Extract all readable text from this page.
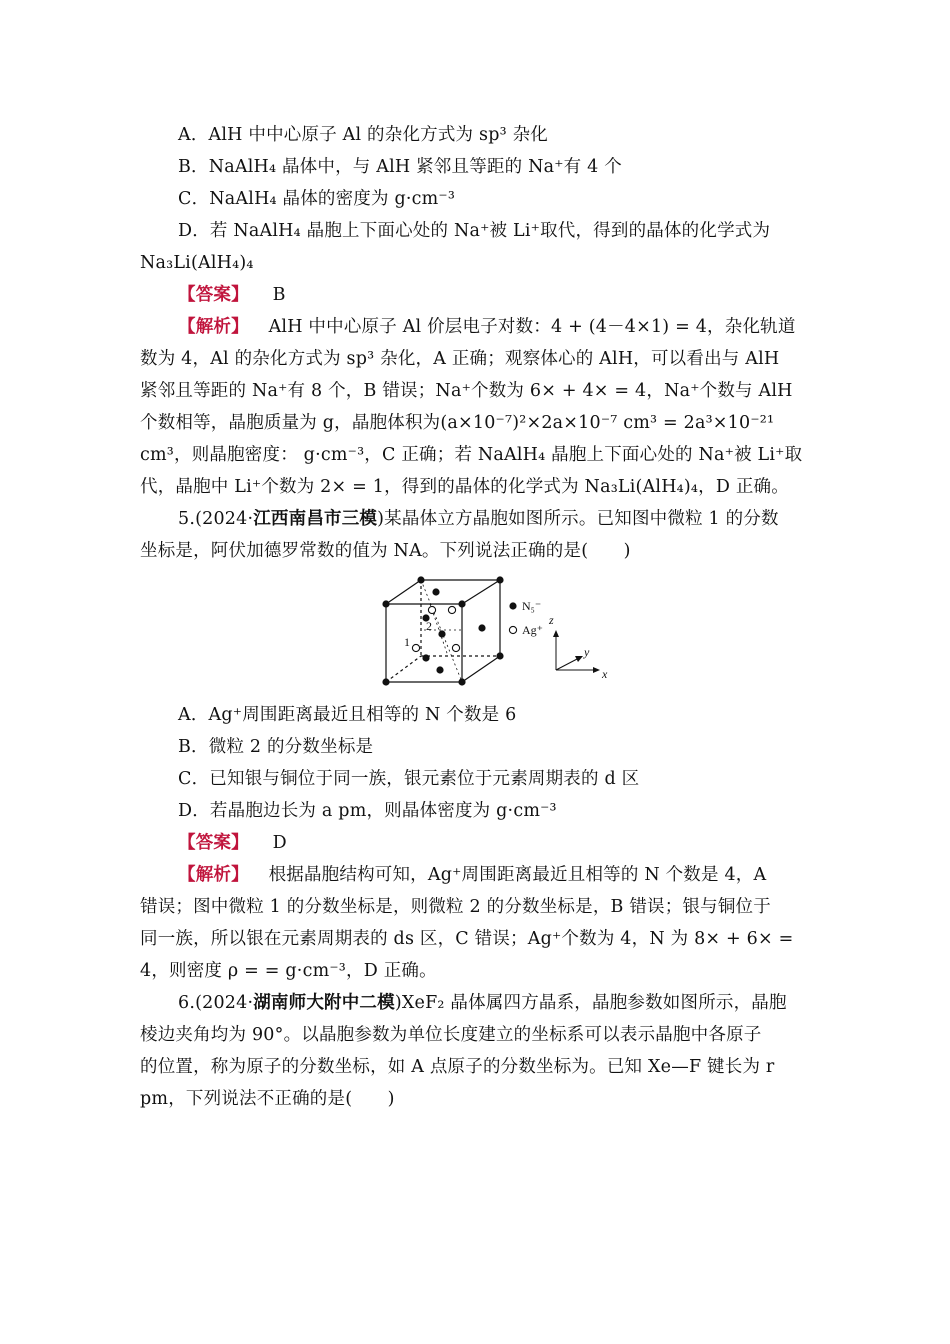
A．AlH 中中心原子 Al 的杂化方式为 sp³ 杂化
B．NaAlH₄ 晶体中，与 AlH 紧邻且等距的 Na⁺有 4 个
C．NaAlH₄ 晶体的密度为 g·cm⁻³
D．若 NaAlH₄ 晶胞上下面心处的 Na⁺被 Li⁺取代，得到的晶体的化学式为
Na₃Li(AlH₄)₄
【答案】 B
【解析】 AlH 中中心原子 Al 价层电子对数：4 + (4－4×1) = 4，杂化轨道
数为 4，Al 的杂化方式为 sp³ 杂化，A 正确；观察体心的 AlH，可以看出与 AlH
紧邻且等距的 Na⁺有 8 个，B 错误；Na⁺个数为 6× + 4× = 4，Na⁺个数与 AlH
个数相等，晶胞质量为 g，晶胞体积为(a×10⁻⁷)²×2a×10⁻⁷ cm³ = 2a³×10⁻²¹
cm³，则晶胞密度： g·cm⁻³，C 正确；若 NaAlH₄ 晶胞上下面心处的 Na⁺被 Li⁺取
代，晶胞中 Li⁺个数为 2× = 1，得到的晶体的化学式为 Na₃Li(AlH₄)₄，D 正确。
5.(2024·江西南昌市三模)某晶体立方晶胞如图所示。已知图中微粒 1 的分数
坐标是，阿伏加德罗常数的值为 NA。下列说法正确的是(　　)
2
1
N₅⁻
Ag⁺
z
y
x
A．Ag⁺周围距离最近且相等的 N 个数是 6
B．微粒 2 的分数坐标是
C．已知银与铜位于同一族，银元素位于元素周期表的 d 区
D．若晶胞边长为 a pm，则晶体密度为 g·cm⁻³
【答案】 D
【解析】 根据晶胞结构可知，Ag⁺周围距离最近且相等的 N 个数是 4，A
错误；图中微粒 1 的分数坐标是，则微粒 2 的分数坐标是，B 错误；银与铜位于
同一族，所以银在元素周期表的 ds 区，C 错误；Ag⁺个数为 4，N 为 8× + 6× =
4，则密度 ρ = = g·cm⁻³，D 正确。
6.(2024·湖南师大附中二模)XeF₂ 晶体属四方晶系，晶胞参数如图所示，晶胞
棱边夹角均为 90°。以晶胞参数为单位长度建立的坐标系可以表示晶胞中各原子
的位置，称为原子的分数坐标，如 A 点原子的分数坐标为。已知 Xe—F 键长为 r
pm，下列说法不正确的是(　　)
